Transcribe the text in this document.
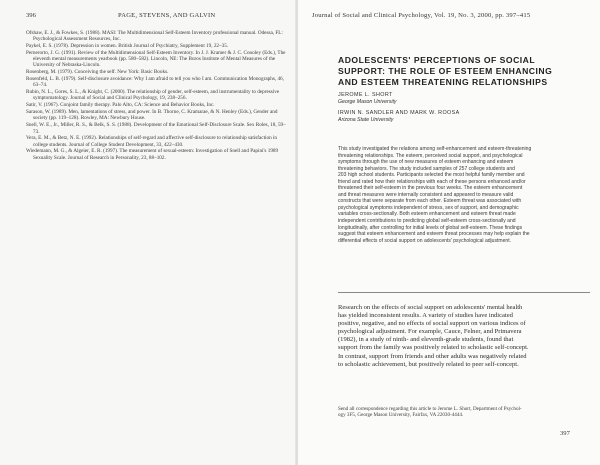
396	PAGE, STEVENS, AND GALVIN
Ofshaw, E. J., & Fowkes, S. (1988). MASI: The Multidimensional Self-Esteem Inventory professional manual. Odessa, FL: Psychological Assessment Resources, Inc.
Paykel, E. S. (1978). Depression in women. British Journal of Psychiatry, Supplement 19, 22–35.
Pernerorto, J. G. (1991). Review of the Multidimensional Self-Esteem Inventory. In J. J. Kramer & J. C. Conoley (Eds.), The eleventh mental measurements yearbook (pp. 580–582). Lincoln, NE: The Buros Institute of Mental Measures of the University of Nebraska-Lincoln.
Rosenberg, M. (1979). Conceiving the self. New York: Basic Books.
Rosenfeld, L. B. (1979). Self-disclosure avoidance: Why I am afraid to tell you who I am. Communication Monographs, 46, 63–74.
Rubin, N. L., Gores, S. L., & Knight, C. (2000). The relationship of gender, self-esteem, and instrumentality to depressive symptomatology. Journal of Social and Clinical Psychology, 19, 238–256.
Satir, V. (1967). Conjoint family therapy. Palo Alto, CA: Science and Behavior Books, Inc.
Sarason, W. (1989). Men, lamentations of stress, and power. In B. Thorne, C. Kramarae, & N. Henley (Eds.), Gender and society (pp. 119–128). Rowley, MA: Newbury House.
Snell, W. E., Jr., Miller, R. S., & Belk, S. S. (1988). Development of the Emotional Self-Disclosure Scale. Sex Roles, 18, 59–73.
Vera, E. M., & Betz, N. E. (1992). Relationships of self-regard and affective self-disclosure to relationship satisfaction in college students. Journal of College Student Development, 33, 422–430.
Wiedemann, M. G., & Algeier, E. R. (1997). The measurement of sexual-esteem: Investigation of Snell and Papini's 1989 Sexuality Scale. Journal of Research in Personality, 23, 88–102.
Journal of Social and Clinical Psychology, Vol. 19, No. 3, 2000, pp. 397–415
ADOLESCENTS' PERCEPTIONS OF SOCIAL
SUPPORT: THE ROLE OF ESTEEM ENHANCING
AND ESTEEM THREATENING RELATIONSHIPS
JEROME L. SHORT
George Mason University
IRWIN N. SANDLER AND MARK W. ROOSA
Arizona State University
This study investigated the relations among self-enhancement and esteem-threatening
threatening relationships. The esteem, perceived social support, and psychological
symptoms through the use of new measures of esteem enhancing and esteem
threatening behaviors. The study included samples of 257 college students and
203 high school students. Participants selected the most helpful family member and
friend and rated how their relationships with each of these persons enhanced and/or
threatened their self-esteem in the previous four weeks. The esteem enhancement
and threat measures were internally consistent and appeared to measure valid
constructs that were separate from each other. Esteem threat was associated with
psychological symptoms independent of stress, sex of support, and demographic
variables cross-sectionally. Both esteem enhancement and esteem threat made
independent contributions to predicting global self-esteem cross-sectionally and
longitudinally, after controlling for initial levels of global self-esteem. These findings
suggest that esteem enhancement and esteem threat processes may help explain the
differential effects of social support on adolescents' psychological adjustment.
Research on the effects of social support on adolescents' mental health
has yielded inconsistent results. A variety of studies have indicated
positive, negative, and no effects of social support on various indices of
psychological adjustment. For example, Cauce, Felner, and Primavera
(1982), in a study of ninth- and eleventh-grade students, found that
support from the family was positively related to scholastic self-concept.
In contrast, support from friends and other adults was negatively related
to scholastic achievement, but positively related to peer self-concept.
Send all correspondence regarding this article to Jerome L. Short, Department of Psychol-
ogy 3F5, George Mason University, Fairfax, VA 22030-4444.
397
